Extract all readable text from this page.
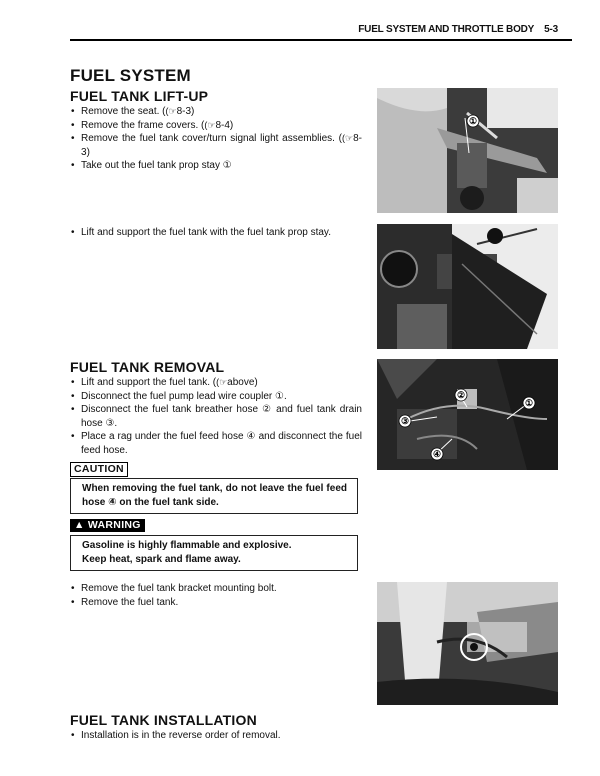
FUEL SYSTEM AND THROTTLE BODY 5-3
FUEL SYSTEM
FUEL TANK LIFT-UP
• Remove the seat. ((☞8-3)
• Remove the frame covers. ((☞8-4)
• Remove the fuel tank cover/turn signal light assemblies. ((☞8-3)
• Take out the fuel tank prop stay ①
• Lift and support the fuel tank with the fuel tank prop stay.
FUEL TANK REMOVAL
• Lift and support the fuel tank. ((☞above)
• Disconnect the fuel pump lead wire coupler ①.
• Disconnect the fuel tank breather hose ② and fuel tank drain hose ③.
• Place a rag under the fuel feed hose ④ and disconnect the fuel feed hose.
CAUTION

When removing the fuel tank, do not leave the fuel feed hose ④ on the fuel tank side.

▲ WARNING

Gasoline is highly flammable and explosive.

Keep heat, spark and flame away.

• Remove the fuel tank bracket mounting bolt.
• Remove the fuel tank.
FUEL TANK INSTALLATION
• Installation is in the reverse order of removal.
①
①
②
③
④
